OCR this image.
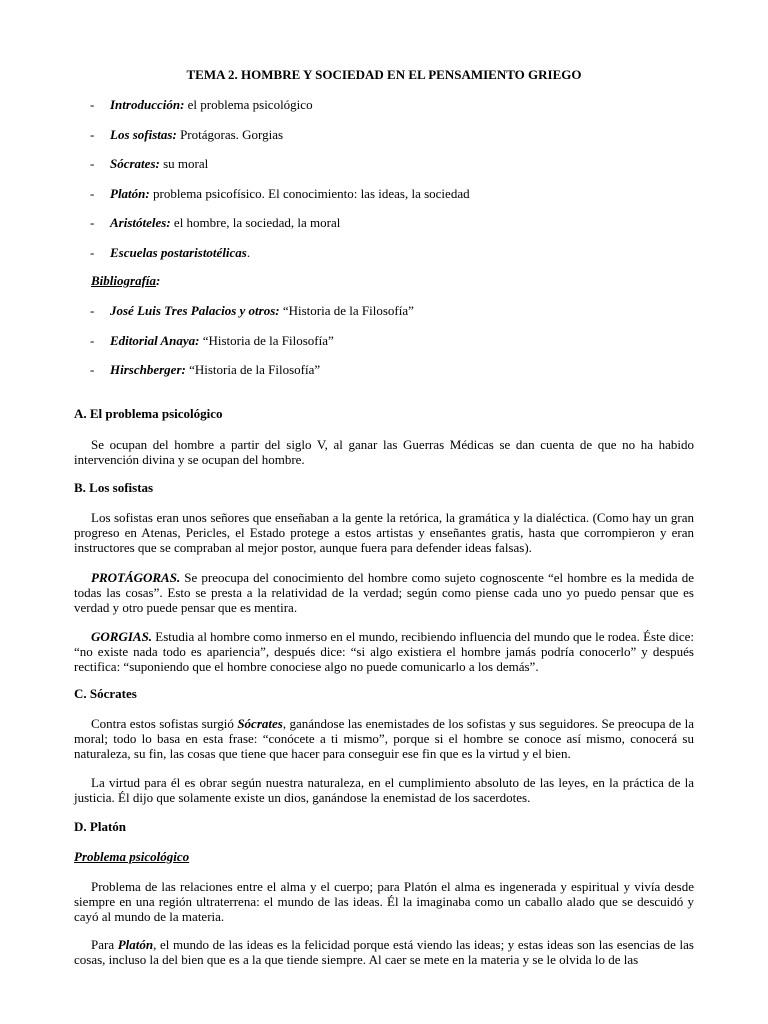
TEMA 2. HOMBRE Y SOCIEDAD EN EL PENSAMIENTO GRIEGO
- Introducción: el problema psicológico
- Los sofistas: Protágoras. Gorgias
- Sócrates: su moral
- Platón: problema psicofísico. El conocimiento: las ideas, la sociedad
- Aristóteles: el hombre, la sociedad, la moral
- Escuelas postaristotélicas.
Bibliografía:
- José Luis Tres Palacios y otros: “Historia de la Filosofía”
- Editorial Anaya: “Historia de la Filosofía”
- Hirschberger: “Historia de la Filosofía”
A. El problema psicológico
Se ocupan del hombre a partir del siglo V, al ganar las Guerras Médicas se dan cuenta de que no ha habido intervención divina y se ocupan del hombre.
B. Los sofistas
Los sofistas eran unos señores que enseñaban a la gente la retórica, la gramática y la dialéctica. (Como hay un gran progreso en Atenas, Pericles, el Estado protege a estos artistas y enseñantes gratis, hasta que corrompieron y eran instructores que se compraban al mejor postor, aunque fuera para defender ideas falsas).
PROTÁGORAS. Se preocupa del conocimiento del hombre como sujeto cognoscente “el hombre es la medida de todas las cosas”. Esto se presta a la relatividad de la verdad; según como piense cada uno yo puedo pensar que es verdad y otro puede pensar que es mentira.
GORGIAS. Estudia al hombre como inmerso en el mundo, recibiendo influencia del mundo que le rodea. Éste dice: “no existe nada todo es apariencia”, después dice: “si algo existiera el hombre jamás podría conocerlo” y después rectifica: “suponiendo que el hombre conociese algo no puede comunicarlo a los demás”.
C. Sócrates
Contra estos sofistas surgió Sócrates, ganándose las enemistades de los sofistas y sus seguidores. Se preocupa de la moral; todo lo basa en esta frase: “conócete a ti mismo”, porque si el hombre se conoce así mismo, conocerá su naturaleza, su fin, las cosas que tiene que hacer para conseguir ese fin que es la virtud y el bien.
La virtud para él es obrar según nuestra naturaleza, en el cumplimiento absoluto de las leyes, en la práctica de la justicia. Él dijo que solamente existe un dios, ganándose la enemistad de los sacerdotes.
D. Platón
Problema psicológico
Problema de las relaciones entre el alma y el cuerpo; para Platón el alma es ingenerada y espiritual y vivía desde siempre en una región ultraterrena: el mundo de las ideas. Él la imaginaba como un caballo alado que se descuidó y cayó al mundo de la materia.
Para Platón, el mundo de las ideas es la felicidad porque está viendo las ideas; y estas ideas son las esencias de las cosas, incluso la del bien que es a la que tiende siempre. Al caer se mete en la materia y se le olvida lo de las
